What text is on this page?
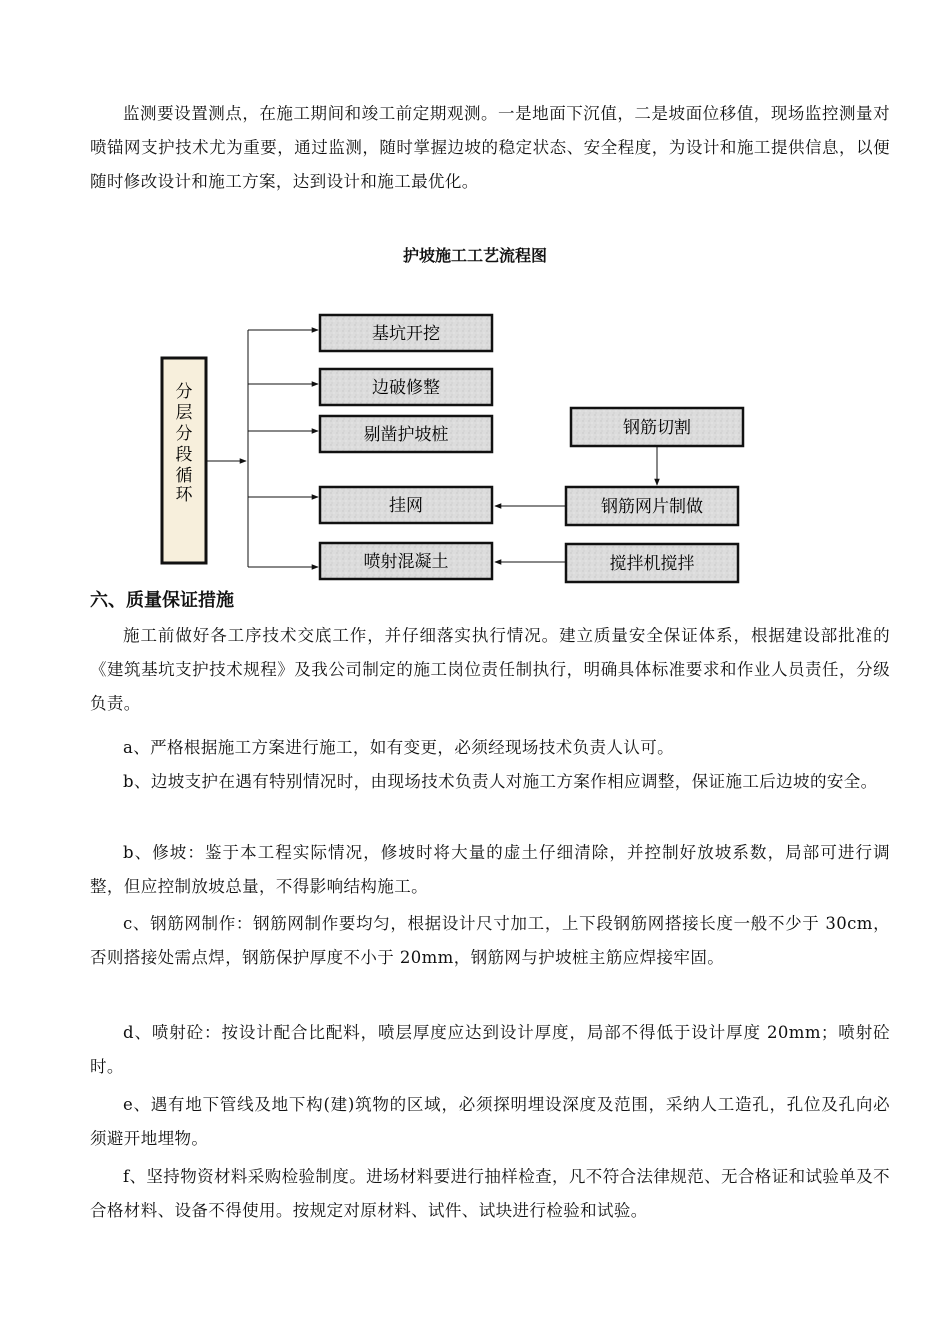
监测要设置测点，在施工期间和竣工前定期观测。一是地面下沉值，二是坡面位移值，现场监控测量对喷锚网支护技术尤为重要，通过监测，随时掌握边坡的稳定状态、安全程度，为设计和施工提供信息，以便随时修改设计和施工方案，达到设计和施工最优化。
护坡施工工艺流程图
分
层
分
段
循
环
基坑开挖
边破修整
剔凿护坡桩
挂网
喷射混凝土
钢筋切割
钢筋网片制做
搅拌机搅拌
六、质量保证措施
施工前做好各工序技术交底工作，并仔细落实执行情况。建立质量安全保证体系，根据建设部批准的《建筑基坑支护技术规程》及我公司制定的施工岗位责任制执行，明确具体标准要求和作业人员责任，分级负责。
a、严格根据施工方案进行施工，如有变更，必须经现场技术负责人认可。
b、边坡支护在遇有特别情况时，由现场技术负责人对施工方案作相应调整，保证施工后边坡的安全。
b、修坡：鉴于本工程实际情况，修坡时将大量的虚土仔细清除，并控制好放坡系数，局部可进行调整，但应控制放坡总量，不得影响结构施工。
c、钢筋网制作：钢筋网制作要均匀，根据设计尺寸加工，上下段钢筋网搭接长度一般不少于 30cm，否则搭接处需点焊，钢筋保护厚度不小于 20mm，钢筋网与护坡桩主筋应焊接牢固。
d、喷射砼：按设计配合比配料，喷层厚度应达到设计厚度，局部不得低于设计厚度 20mm；喷射砼时。
e、遇有地下管线及地下构(建)筑物的区域，必须探明埋设深度及范围，采纳人工造孔，孔位及孔向必须避开地埋物。
f、坚持物资材料采购检验制度。进场材料要进行抽样检查，凡不符合法律规范、无合格证和试验单及不合格材料、设备不得使用。按规定对原材料、试件、试块进行检验和试验。
